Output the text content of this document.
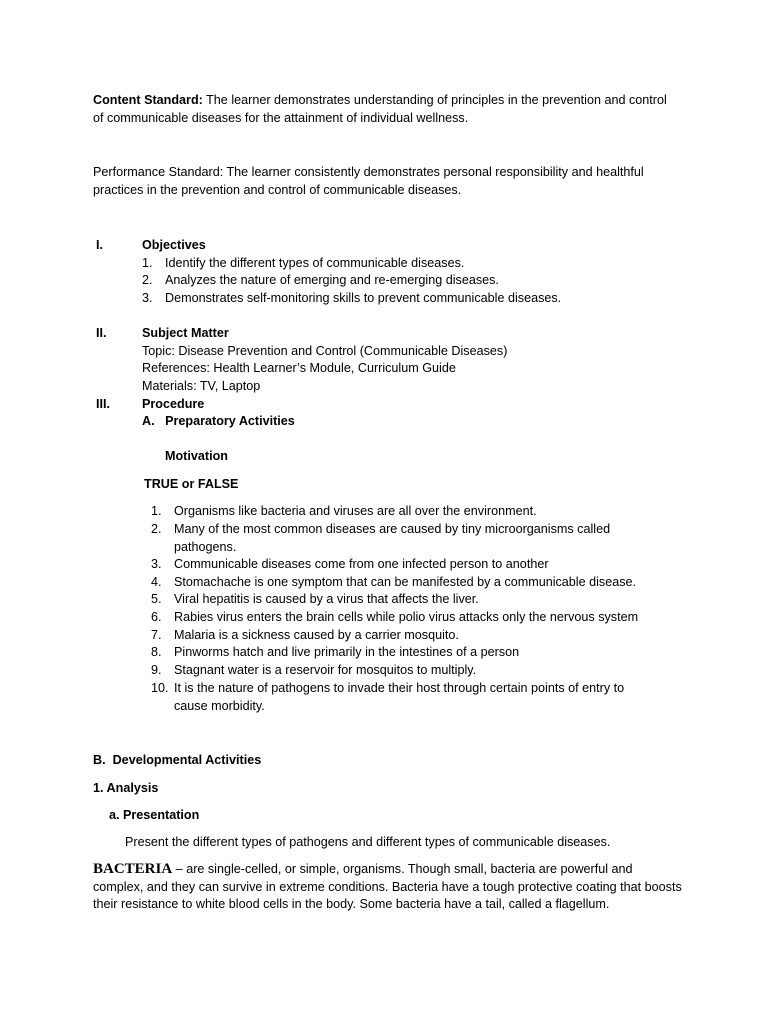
Content Standard: The learner demonstrates understanding of principles in the prevention and control of communicable diseases for the attainment of individual wellness.
Performance Standard: The learner consistently demonstrates personal responsibility and healthful practices in the prevention and control of communicable diseases.
I.	Objectives
1. Identify the different types of communicable diseases.
2. Analyzes the nature of emerging and re-emerging diseases.
3. Demonstrates self-monitoring skills to prevent communicable diseases.
II.	Subject Matter
Topic: Disease Prevention and Control (Communicable Diseases)
References: Health Learner’s Module, Curriculum Guide
Materials: TV, Laptop
III.	Procedure
A.   Preparatory Activities
Motivation
TRUE or FALSE
1. Organisms like bacteria and viruses are all over the environment.
2. Many of the most common diseases are caused by tiny microorganisms called pathogens.
3. Communicable diseases come from one infected person to another
4. Stomachache is one symptom that can be manifested by a communicable disease.
5. Viral hepatitis is caused by a virus that affects the liver.
6. Rabies virus enters the brain cells while polio virus attacks only the nervous system
7. Malaria is a sickness caused by a carrier mosquito.
8. Pinworms hatch and live primarily in the intestines of a person
9. Stagnant water is a reservoir for mosquitos to multiply.
10. It is the nature of pathogens to invade their host through certain points of entry to cause morbidity.
B.  Developmental Activities
1. Analysis
a. Presentation
Present the different types of pathogens and different types of communicable diseases.
BACTERIA – are single-celled, or simple, organisms. Though small, bacteria are powerful and complex, and they can survive in extreme conditions. Bacteria have a tough protective coating that boosts their resistance to white blood cells in the body. Some bacteria have a tail, called a flagellum.
